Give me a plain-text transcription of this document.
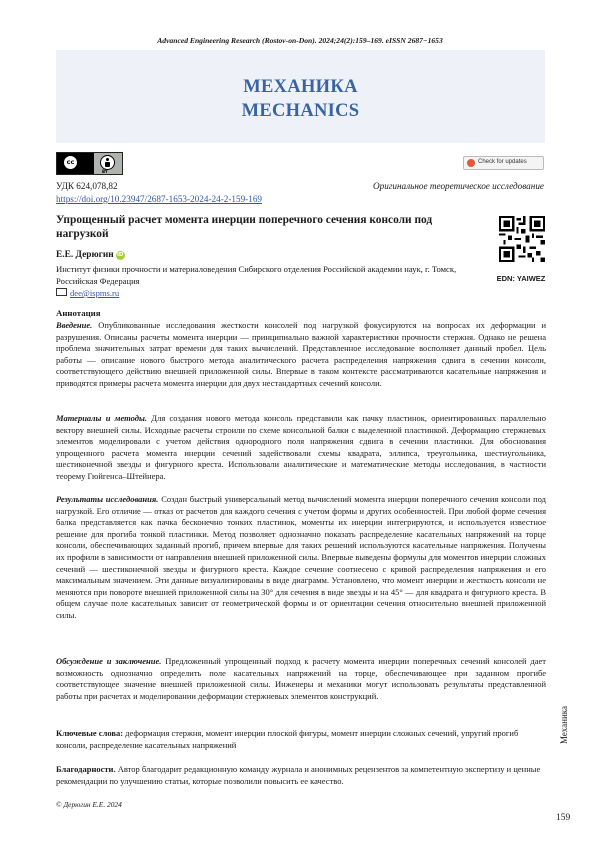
Advanced Engineering Research (Rostov-on-Don). 2024;24(2):159–169. eISSN 2687−1653
МЕХАНИКА
MECHANICS
cc
BY
Check for updates
УДК 624,078,82	Оригинальное теоретическое исследование
https://doi.org/10.23947/2687-1653-2024-24-2-159-169
Упрощенный расчет момента инерции поперечного сечения консоли под нагрузкой
EDN: YAIWEZ
Е.Е. Дерюгин iD
Институт физики прочности и материаловедения Сибирского отделения Российской академии наук, г. Томск, Российская Федерация
dee@ispms.ru
Аннотация
Введение. Опубликованные исследования жесткости консолей под нагрузкой фокусируются на вопросах их деформации и разрушения. Описаны расчеты момента инерции — принципиально важной характеристики прочности стержня. Однако не решена проблема значительных затрат времени для таких вычислений. Представленное исследование восполняет данный пробел. Цель работы — описание нового быстрого метода аналитического расчета распределения напряжения сдвига в сечении консоли, соответствующего действию внешней приложенной силы. Впервые в таком контексте рассматриваются касательные напряжения и приводятся примеры расчета момента инерции для двух нестандартных сечений консоли.
Материалы и методы. Для создания нового метода консоль представили как пачку пластинок, ориентированных параллельно вектору внешней силы. Исходные расчеты строили по схеме консольной балки с выделенной пластинкой. Деформацию стержневых элементов моделировали с учетом действия однородного поля напряжения сдвига в сечении пластинки. Для обоснования упрощенного расчета момента инерции сечений задействовали схемы квадрата, эллипса, треугольника, шестиугольника, шестиконечной звезды и фигурного креста. Использовали аналитические и математические методы исследования, в частности теорему Гюйгенса–Штейнера.
Результаты исследования. Создан быстрый универсальный метод вычислений момента инерции поперечного сечения консоли под нагрузкой. Его отличие — отказ от расчетов для каждого сечения с учетом формы и других особенностей. При любой форме сечения балка представляется как пачка бесконечно тонких пластинок, моменты их инерции интегрируются, и используется известное решение для прогиба тонкой пластинки. Метод позволяет однозначно показать распределение касательных напряжений на торце консоли, обеспечивающих заданный прогиб, причем впервые для таких решений используются касательные напряжения. Получены их профили в зависимости от направления внешней приложенной силы. Впервые выведены формулы для моментов инерции сложных сечений — шестиконечной звезды и фигурного креста. Каждое сечение соотнесено с кривой распределения напряжения и его максимальным значением. Эти данные визуализированы в виде диаграмм. Установлено, что момент инерции и жесткость консоли не меняются при повороте внешней приложенной силы на 30° для сечения в виде звезды и на 45° — для квадрата и фигурного креста. В общем случае поле касательных зависит от геометрической формы и от ориентации сечения относительно внешней приложенной силы.
Обсуждение и заключение. Предложенный упрощенный подход к расчету момента инерции поперечных сечений консолей дает возможность однозначно определить поле касательных напряжений на торце, обеспечивающее при заданном прогибе соответствующее значение внешней приложенной силы. Инженеры и механики могут использовать результаты представленной работы при расчетах и моделировании деформации стержневых элементов конструкций.
Ключевые слова: деформация стержня, момент инерции плоской фигуры, момент инерции сложных сечений, упругий прогиб консоли, распределение касательных напряжений
Благодарности. Автор благодарит редакционную команду журнала и анонимных рецензентов за компетентную экспертизу и ценные рекомендации по улучшению статьи, которые позволили повысить ее качество.
© Дерюгин Е.Е. 2024
159
Механика
